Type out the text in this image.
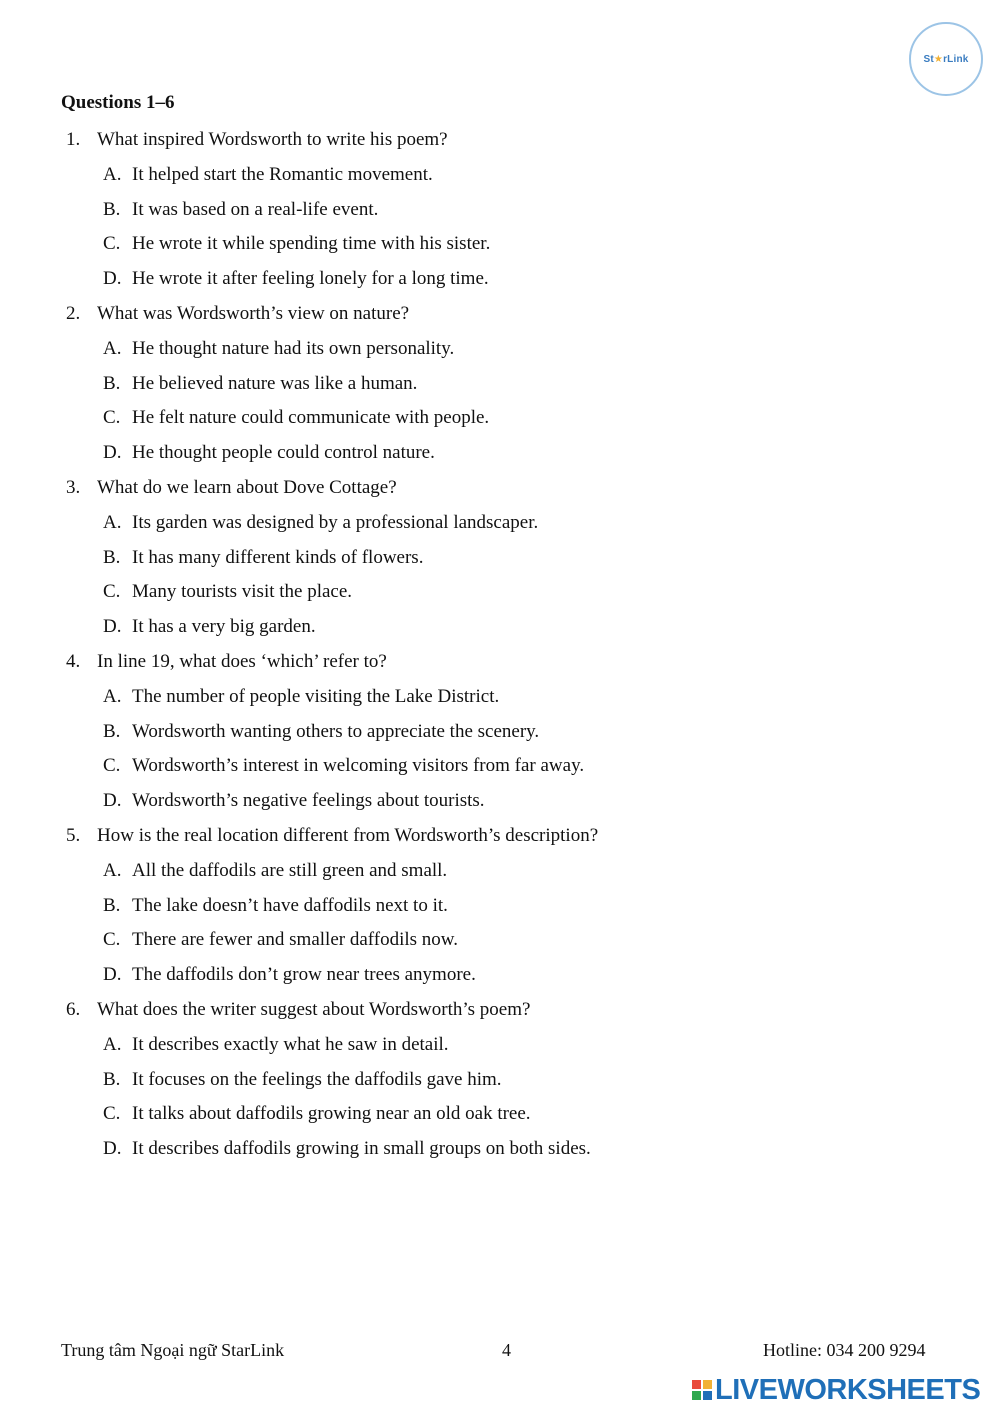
St ★ rLink
Questions 1–6
1. What inspired Wordsworth to write his poem?
A. It helped start the Romantic movement.
B. It was based on a real-life event.
C. He wrote it while spending time with his sister.
D. He wrote it after feeling lonely for a long time.
2. What was Wordsworth’s view on nature?
A. He thought nature had its own personality.
B. He believed nature was like a human.
C. He felt nature could communicate with people.
D. He thought people could control nature.
3. What do we learn about Dove Cottage?
A. Its garden was designed by a professional landscaper.
B. It has many different kinds of flowers.
C. Many tourists visit the place.
D. It has a very big garden.
4. In line 19, what does ‘which’ refer to?
A. The number of people visiting the Lake District.
B. Wordsworth wanting others to appreciate the scenery.
C. Wordsworth’s interest in welcoming visitors from far away.
D. Wordsworth’s negative feelings about tourists.
5. How is the real location different from Wordsworth’s description?
A. All the daffodils are still green and small.
B. The lake doesn’t have daffodils next to it.
C. There are fewer and smaller daffodils now.
D. The daffodils don’t grow near trees anymore.
6. What does the writer suggest about Wordsworth’s poem?
A. It describes exactly what he saw in detail.
B. It focuses on the feelings the daffodils gave him.
C. It talks about daffodils growing near an old oak tree.
D. It describes daffodils growing in small groups on both sides.
Trung tâm Ngoại ngữ StarLink	4	Hotline: 034 200 9294
LIVEWORKSHEETS
